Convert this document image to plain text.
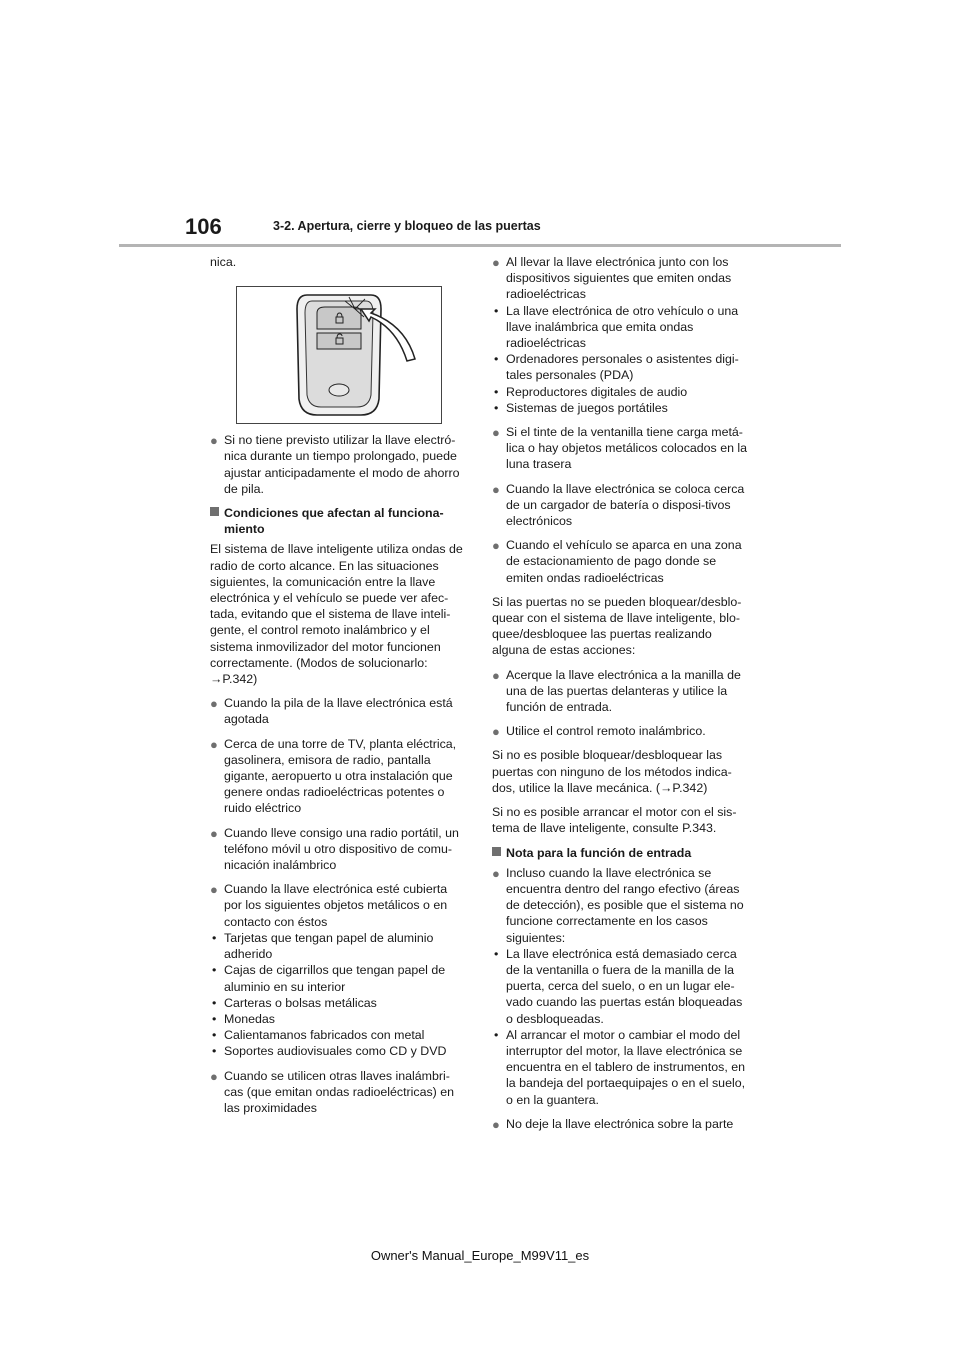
106	3-2. Apertura, cierre y bloqueo de las puertas

nica.

● Si no tiene previsto utilizar la llave electró-nica durante un tiempo prolongado, puede ajustar anticipadamente el modo de ahorro de pila.
Condiciones que afectan al funciona-miento

El sistema de llave inteligente utiliza ondas de radio de corto alcance. En las situaciones siguientes, la comunicación entre la llave electrónica y el vehículo se puede ver afec-tada, evitando que el sistema de llave inteli-gente, el control remoto inalámbrico y el sistema inmovilizador del motor funcionen correctamente. (Modos de solucionarlo: →P.342)

● Cuando la pila de la llave electrónica está agotada
● Cerca de una torre de TV, planta eléctrica, gasolinera, emisora de radio, pantalla gigante, aeropuerto u otra instalación que genere ondas radioeléctricas potentes o ruido eléctrico
● Cuando lleve consigo una radio portátil, un teléfono móvil u otro dispositivo de comu-nicación inalámbrico
● Cuando la llave electrónica esté cubierta por los siguientes objetos metálicos o en contacto con éstos
• Tarjetas que tengan papel de aluminio adherido
• Cajas de cigarrillos que tengan papel de aluminio en su interior
• Carteras o bolsas metálicas
• Monedas
• Calientamanos fabricados con metal
• Soportes audiovisuales como CD y DVD
● Cuando se utilicen otras llaves inalámbri-cas (que emitan ondas radioeléctricas) en las proximidades
● Al llevar la llave electrónica junto con los dispositivos siguientes que emiten ondas radioeléctricas
• La llave electrónica de otro vehículo o una llave inalámbrica que emita ondas radioeléctricas
• Ordenadores personales o asistentes digi-tales personales (PDA)
• Reproductores digitales de audio
• Sistemas de juegos portátiles
● Si el tinte de la ventanilla tiene carga metá-lica o hay objetos metálicos colocados en la luna trasera
● Cuando la llave electrónica se coloca cerca de un cargador de batería o disposi-tivos electrónicos
● Cuando el vehículo se aparca en una zona de estacionamiento de pago donde se emiten ondas radioeléctricas

Si las puertas no se pueden bloquear/desblo-quear con el sistema de llave inteligente, blo-quee/desbloquee las puertas realizando alguna de estas acciones:

● Acerque la llave electrónica a la manilla de una de las puertas delanteras y utilice la función de entrada.
● Utilice el control remoto inalámbrico.

Si no es posible bloquear/desbloquear las puertas con ninguno de los métodos indica-dos, utilice la llave mecánica. (→P.342)

Si no es posible arrancar el motor con el sis-tema de llave inteligente, consulte P.343.

Nota para la función de entrada
● Incluso cuando la llave electrónica se encuentra dentro del rango efectivo (áreas de detección), es posible que el sistema no funcione correctamente en los casos siguientes:
• La llave electrónica está demasiado cerca de la ventanilla o fuera de la manilla de la puerta, cerca del suelo, o en un lugar ele-vado cuando las puertas están bloqueadas o desbloqueadas.
• Al arrancar el motor o cambiar el modo del interruptor del motor, la llave electrónica se encuentra en el tablero de instrumentos, en la bandeja del portaequipajes o en el suelo, o en la guantera.
● No deje la llave electrónica sobre la parte
Owner's Manual_Europe_M99V11_es
